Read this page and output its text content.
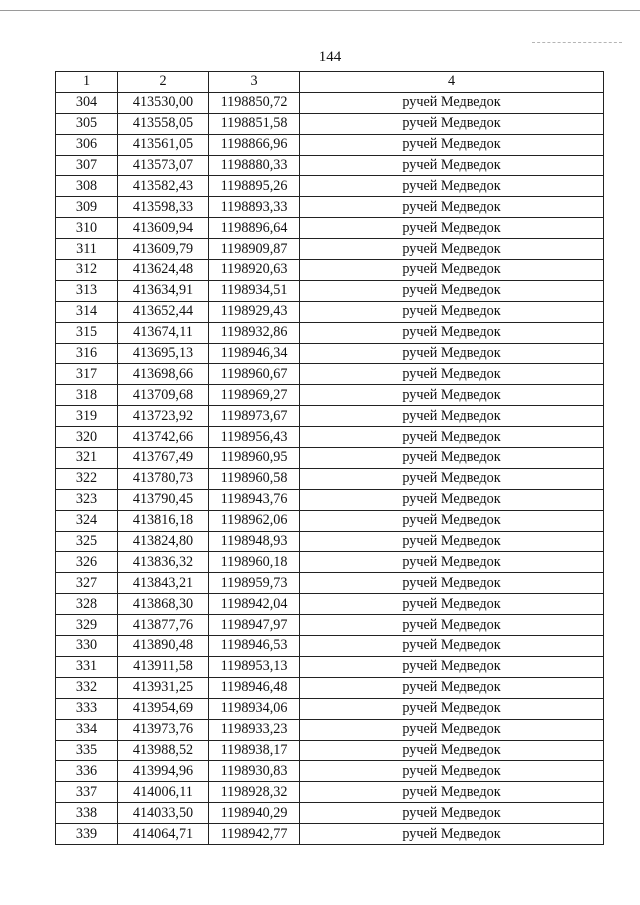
144
1	2	3	4
304	413530,00	1198850,72	ручей Медведок
305	413558,05	1198851,58	ручей Медведок
306	413561,05	1198866,96	ручей Медведок
307	413573,07	1198880,33	ручей Медведок
308	413582,43	1198895,26	ручей Медведок
309	413598,33	1198893,33	ручей Медведок
310	413609,94	1198896,64	ручей Медведок
311	413609,79	1198909,87	ручей Медведок
312	413624,48	1198920,63	ручей Медведок
313	413634,91	1198934,51	ручей Медведок
314	413652,44	1198929,43	ручей Медведок
315	413674,11	1198932,86	ручей Медведок
316	413695,13	1198946,34	ручей Медведок
317	413698,66	1198960,67	ручей Медведок
318	413709,68	1198969,27	ручей Медведок
319	413723,92	1198973,67	ручей Медведок
320	413742,66	1198956,43	ручей Медведок
321	413767,49	1198960,95	ручей Медведок
322	413780,73	1198960,58	ручей Медведок
323	413790,45	1198943,76	ручей Медведок
324	413816,18	1198962,06	ручей Медведок
325	413824,80	1198948,93	ручей Медведок
326	413836,32	1198960,18	ручей Медведок
327	413843,21	1198959,73	ручей Медведок
328	413868,30	1198942,04	ручей Медведок
329	413877,76	1198947,97	ручей Медведок
330	413890,48	1198946,53	ручей Медведок
331	413911,58	1198953,13	ручей Медведок
332	413931,25	1198946,48	ручей Медведок
333	413954,69	1198934,06	ручей Медведок
334	413973,76	1198933,23	ручей Медведок
335	413988,52	1198938,17	ручей Медведок
336	413994,96	1198930,83	ручей Медведок
337	414006,11	1198928,32	ручей Медведок
338	414033,50	1198940,29	ручей Медведок
339	414064,71	1198942,77	ручей Медведок
